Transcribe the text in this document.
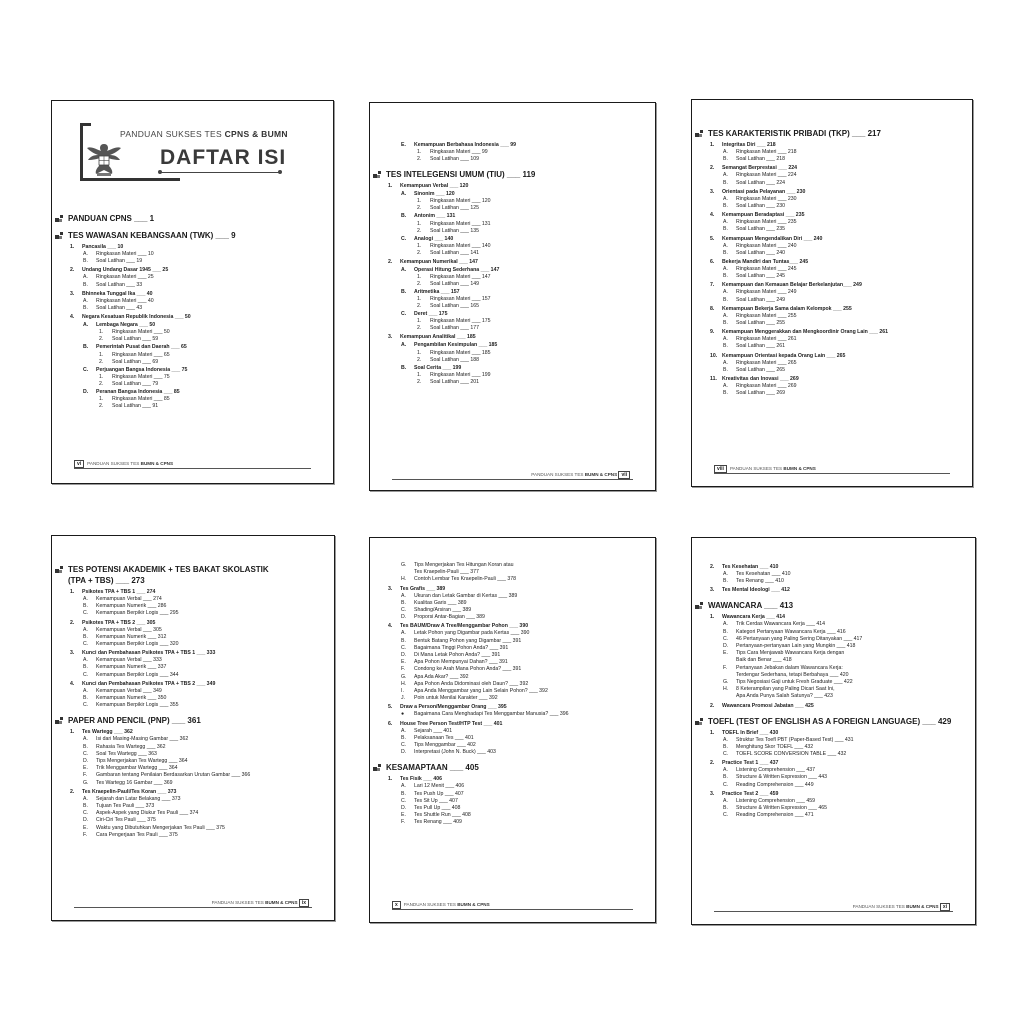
PANDUAN SUKSES TES CPNS & BUMN
DAFTAR ISI
PANDUAN CPNS ___ 1
TES WAWASAN KEBANGSAAN (TWK) ___ 9
1. Pancasila ___ 10
A. Ringkasan Materi ___ 10
B. Soal Latihan ___ 19
2. Undang Undang Dasar 1945 ___ 25
A. Ringkasan Materi ___ 25
B. Soal Latihan ___ 33
3. Bhinneka Tunggal Ika ___ 40
A. Ringkasan Materi ___ 40
B. Soal Latihan ___ 43
4. Negara Kesatuan Republik Indonesia ___ 50
A. Lembaga Negara ___ 50
1. Ringkasan Materi ___ 50
2. Soal Latihan ___ 59
B. Pemerintah Pusat dan Daerah ___ 65
1. Ringkasan Materi ___ 65
2. Soal Latihan ___ 69
C. Perjuangan Bangsa Indonesia ___ 75
1. Ringkasan Materi ___ 75
2. Soal Latihan ___ 79
D. Peranan Bangsa Indonesia ___ 85
1. Ringkasan Materi ___ 85
2. Soal Latihan ___ 91
vi PANDUAN SUKSES TES BUMN & CPNS
E. Kemampuan Berbahasa Indonesia ___ 99
1. Ringkasan Materi ___ 99
2. Soal Latihan ___ 109
TES INTELEGENSI UMUM (TIU) ___ 119
1. Kemampuan Verbal ___ 120
A. Sinonim ___ 120
1. Ringkasan Materi ___ 120
2. Soal Latihan ___ 125
B. Antonim ___ 131
1. Ringkasan Materi ___ 131
2. Soal Latihan ___ 135
C. Analogi ___ 140
1. Ringkasan Materi ___ 140
2. Soal Latihan ___ 141
2. Kemampuan Numerikal ___ 147
A. Operasi Hitung Sederhana ___ 147
1. Ringkasan Materi ___ 147
2. Soal Latihan ___ 149
B. Aritmetika ___ 157
1. Ringkasan Materi ___ 157
2. Soal Latihan ___ 165
C. Deret ___ 175
1. Ringkasan Materi ___ 175
2. Soal Latihan ___ 177
3. Kemampuan Analitikal ___ 185
A. Pengambilan Kesimpulan ___ 185
1. Ringkasan Materi ___ 185
2. Soal Latihan ___ 188
B. Soal Cerita ___ 199
1. Ringkasan Materi ___ 199
2. Soal Latihan ___ 201
PANDUAN SUKSES TES BUMN & CPNS vii
TES KARAKTERISTIK PRIBADI (TKP) ___ 217
1. Integritas Diri ___ 218
A. Ringkasan Materi ___ 218
B. Soal Latihan ___ 218
2. Semangat Berprestasi ___ 224
A. Ringkasan Materi ___ 224
B. Soal Latihan ___ 224
3. Orientasi pada Pelayanan ___ 230
A. Ringkasan Materi ___ 230
B. Soal Latihan ___ 230
4. Kemampuan Beradaptasi ___ 235
A. Ringkasan Materi ___ 235
B. Soal Latihan ___ 235
5. Kemampuan Mengendalikan Diri ___ 240
A. Ringkasan Materi ___ 240
B. Soal Latihan ___ 240
6. Bekerja Mandiri dan Tuntas___ 245
A. Ringkasan Materi ___ 245
B. Soal Latihan ___ 245
7. Kemampuan dan Kemauan Belajar Berkelanjutan___ 249
A. Ringkasan Materi ___ 249
B. Soal Latihan ___ 249
8. Kemampuan Bekerja Sama dalam Kelompok ___ 255
A. Ringkasan Materi ___ 255
B. Soal Latihan ___ 255
9. Kemampuan Menggerakkan dan Mengkoordinir Orang Lain ___ 261
A. Ringkasan Materi ___ 261
B. Soal Latihan ___ 261
10. Kemampuan Orientasi kepada Orang Lain ___ 265
A. Ringkasan Materi ___ 265
B. Soal Latihan ___ 265
11. Kreativitas dan Inovasi ___ 269
A. Ringkasan Materi ___ 269
B. Soal Latihan ___ 269
viii PANDUAN SUKSES TES BUMN & CPNS
TES POTENSI AKADEMIK + TES BAKAT SKOLASTIK
(TPA + TBS) ___ 273
1. Psikotes TPA + TBS 1 ___ 274
A. Kemampuan Verbal ___ 274
B. Kemampuan Numerik ___ 286
C. Kemampuan Berpikir Logis ___ 295
2. Psikotes TPA + TBS 2 ___ 305
A. Kemampuan Verbal ___ 305
B. Kemampuan Numerik ___ 312
C. Kemampuan Berpikir Logis ___ 320
3. Kunci dan Pembahasan Psikotes TPA + TBS 1 ___ 333
A. Kemampuan Verbal ___ 333
B. Kemampuan Numerik ___ 337
C. Kemampuan Berpikir Logis ___ 344
4. Kunci dan Pembahasan Psikotes TPA + TBS 2 ___ 349
A. Kemampuan Verbal ___ 349
B. Kemampuan Numerik ___ 350
C. Kemampuan Berpikir Logis ___ 355
PAPER AND PENCIL (PNP) ___ 361
1. Tes Wartegg ___ 362
A. Isi dari Masing-Masing Gambar ___ 362
B. Rahasia Tes Wartegg ___ 362
C. Soal Tes Wartegg ___ 363
D. Tips Mengerjakan Tes Wartegg ___ 364
E. Trik Menggambar Wartegg ___ 364
F. Gambaran tentang Penilaian Berdasarkan Urutan Gambar ___ 366
G. Tes Wartegg 16 Gambar ___ 369
2. Tes Kraepelin-Pauli/Tes Koran ___ 373
A. Sejarah dan Latar Belakang ___ 373
B. Tujuan Tes Pauli ___ 373
C. Aspek-Aspek yang Diukur Tes Pauli ___ 374
D. Ciri-Ciri Tes Pauli ___ 375
E. Waktu yang Dibutuhkan Mengerjakan Tes Pauli ___ 375
F. Cara Pengerjaan Tes Pauli ___ 375
PANDUAN SUKSES TES BUMN & CPNS ix
G. Tips Mengerjakan Tes Hitungan Koran atau
Tes Kraepelin-Pauli ___ 377
H. Contoh Lembar Tes Kraepelin-Pauli ___ 378
3. Tes Grafis ___ 389
A. Ukuran dan Letak Gambar di Kertas ___ 389
B. Kualitas Garis ___ 389
C. Shading/Arsiran ___ 389
D. Proporsi Antar-Bagian ___ 389
4. Tes BAUM/Draw A Tree/Menggambar Pohon ___ 390
A. Letak Pohon yang Digambar pada Kertas ___ 390
B. Bentuk Batang Pohon yang Digambar ___ 391
C. Bagaimana Tinggi Pohon Anda? ___ 391
D. Di Mana Letak Pohon Anda? ___ 391
E. Apa Pohon Mempunyai Dahan? ___ 391
F. Condong ke Arah Mana Pohon Anda? ___ 391
G. Apa Ada Akar? ___ 392
H. Apa Pohon Anda Didominasi oleh Daun? ___ 392
I. Apa Anda Menggambar yang Lain Selain Pohon? ___ 392
J. Poin untuk Menilai Karakter ___ 392
5. Draw a Person/Menggambar Orang ___ 395
● Bagaimana Cara Menghadapi Tes Menggambar Manusia? ___ 396
6. House Tree Person Test/HTP Test ___ 401
A. Sejarah ___ 401
B. Pelaksanaan Tes ___ 401
C. Tips Menggambar ___ 402
D. Interpretasi (John N. Buck) ___ 403
KESAMAPTAAN ___ 405
1. Tes Fisik ___ 406
A. Lari 12 Menit ___ 406
B. Tes Push Up ___ 407
C. Tes Sit Up ___ 407
D. Tes Pull Up ___ 408
E. Tes Shuttle Run ___ 408
F. Tes Renang ___ 409
x PANDUAN SUKSES TES BUMN & CPNS
2. Tes Kesehatan ___ 410
A. Tes Kesehatan ___ 410
B. Tes Renang ___ 410
3. Tes Mental Ideologi ___ 412
WAWANCARA ___ 413
1. Wawancara Kerja ___ 414
A. Trik Cerdas Wawancara Kerja ___ 414
B. Kategori Pertanyaan Wawancara Kerja ___ 416
C. 46 Pertanyaan yang Paling Sering Ditanyakan ___ 417
D. Pertanyaan-pertanyaan Lain yang Mungkin ___ 418
E. Tips Cara Menjawab Wawancara Kerja dengan
Baik dan Benar ___ 418
F. Pertanyaan Jebakan dalam Wawancara Kerja:
Terdengar Sederhana, tetapi Berbahaya ___ 420
G. Tips Negosiasi Gaji untuk Fresh Graduate ___ 422
H. 8 Keterampilan yang Paling Dicari Saat Ini,
Apa Anda Punya Salah Satunya? ___ 423
2. Wawancara Promosi Jabatan ___ 425
TOEFL (TEST OF ENGLISH AS A FOREIGN LANGUAGE) ___ 429
1. TOEFL In Brief ___ 430
A. Struktur Tes Toefl PBT (Paper-Based Test) ___ 431
B. Menghitung Skor TOEFL ___ 432
C. TOEFL SCORE CONVERSION TABLE ___ 432
2. Practice Test 1 ___ 437
A. Listening Comprehension ___ 437
B. Structure & Written Expression ___ 443
C. Reading Comprehension ___ 449
3. Practice Test 2 ___ 459
A. Listening Comprehension ___ 459
B. Structure & Written Expression ___ 465
C. Reading Comprehension ___ 471
PANDUAN SUKSES TES BUMN & CPNS xi
